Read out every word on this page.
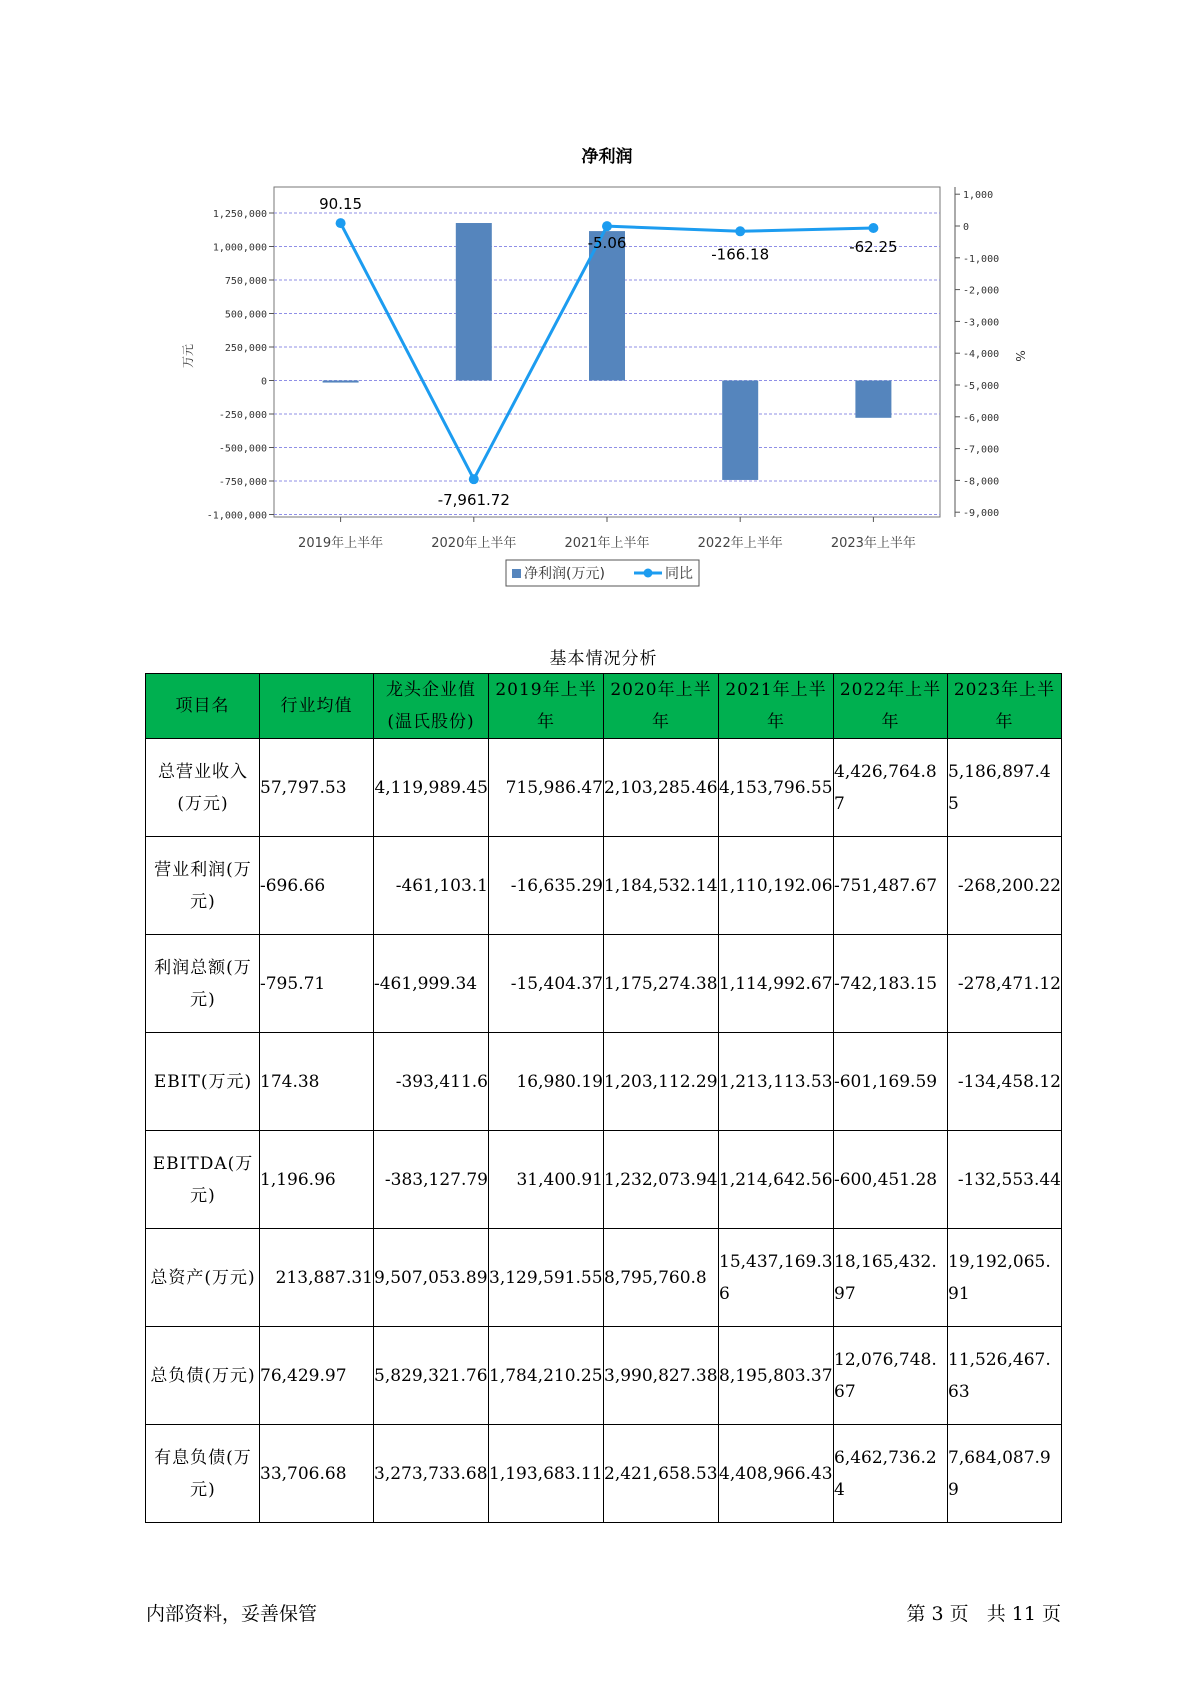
-1,000,000
-750,000
-500,000
-250,000
0
250,000
500,000
750,000
1,000,000
1,250,000
1,000
0
-1,000
-2,000
-3,000
-4,000
-5,000
-6,000
-7,000
-8,000
-9,000
净利润
万元	%
2019年上半年	2020年上半年	2021年上半年	2022年上半年	2023年上半年
90.15
-7,961.72
-5.06
-166.18	-62.25
净利润(万元)	同比
基本情况分析
项目名	行业均值	龙头企业值(温氏股份)	2019年上半年	2020年上半年	2021年上半年	2022年上半年	2023年上半年
总营业收入(万元)	57,797.53	4,119,989.45	715,986.47	2,103,285.46	4,153,796.55	4,426,764.87	5,186,897.45
营业利润(万元)	-696.66	-461,103.1	-16,635.29	1,184,532.14	1,110,192.06	-751,487.67	-268,200.22
利润总额(万元)	-795.71	-461,999.34	-15,404.37	1,175,274.38	1,114,992.67	-742,183.15	-278,471.12
EBIT(万元)	174.38	-393,411.6	16,980.19	1,203,112.29	1,213,113.53	-601,169.59	-134,458.12
EBITDA(万元)	1,196.96	-383,127.79	31,400.91	1,232,073.94	1,214,642.56	-600,451.28	-132,553.44
总资产(万元)	213,887.31	9,507,053.89	3,129,591.55	8,795,760.8	15,437,169.36	18,165,432.97	19,192,065.91
总负债(万元)	76,429.97	5,829,321.76	1,784,210.25	3,990,827.38	8,195,803.37	12,076,748.67	11,526,467.63
有息负债(万元)	33,706.68	3,273,733.68	1,193,683.11	2,421,658.53	4,408,966.43	6,462,736.24	7,684,087.99
内部资料，妥善保管	第 3 页 共 11 页
